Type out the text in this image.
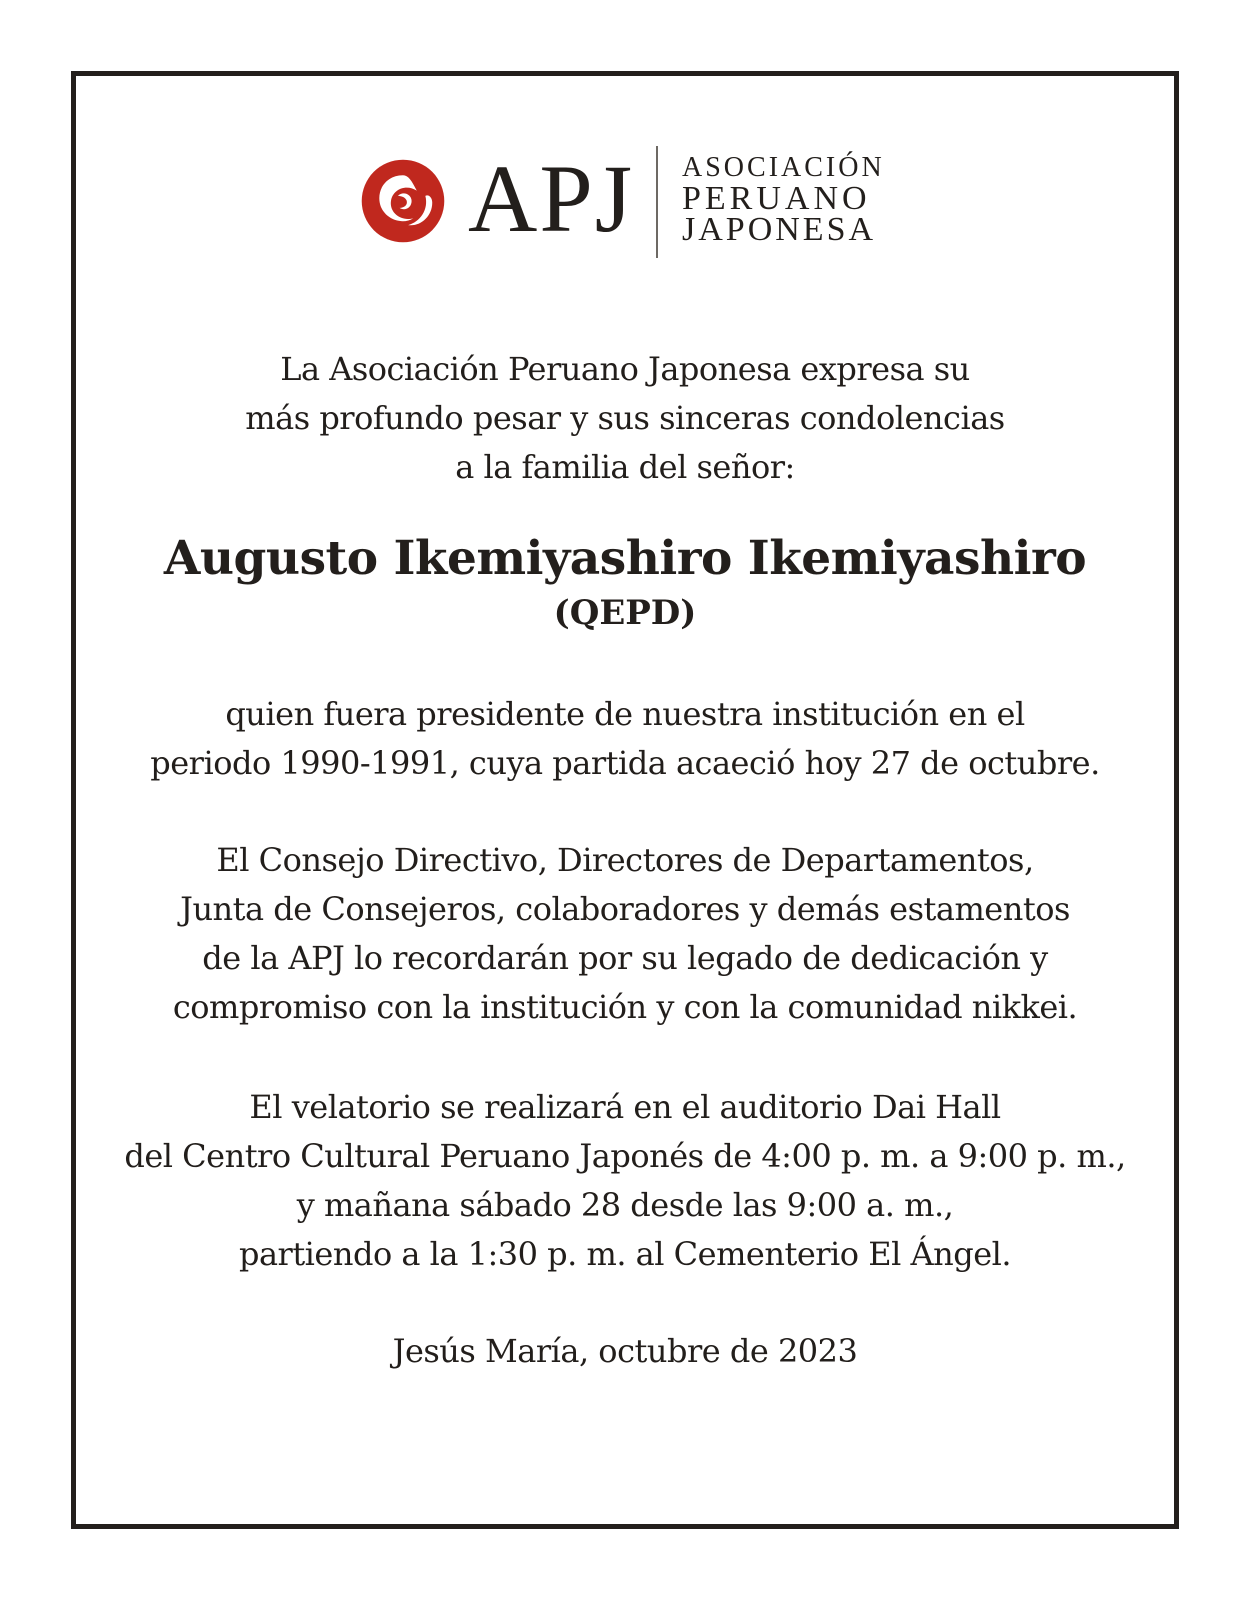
APJ ASOCIACIÓN
PERUANO
JAPONESA
La Asociación Peruano Japonesa expresa su
más profundo pesar y sus sinceras condolencias
a la familia del señor:
Augusto Ikemiyashiro Ikemiyashiro
(QEPD)
quien fuera presidente de nuestra institución en el
periodo 1990-1991, cuya partida acaeció hoy 27 de octubre.
El Consejo Directivo, Directores de Departamentos,
Junta de Consejeros, colaboradores y demás estamentos
de la APJ lo recordarán por su legado de dedicación y
compromiso con la institución y con la comunidad nikkei.
El velatorio se realizará en el auditorio Dai Hall
del Centro Cultural Peruano Japonés de 4:00 p. m. a 9:00 p. m.,
y mañana sábado 28 desde las 9:00 a. m.,
partiendo a la 1:30 p. m. al Cementerio El Ángel.
Jesús María, octubre de 2023
